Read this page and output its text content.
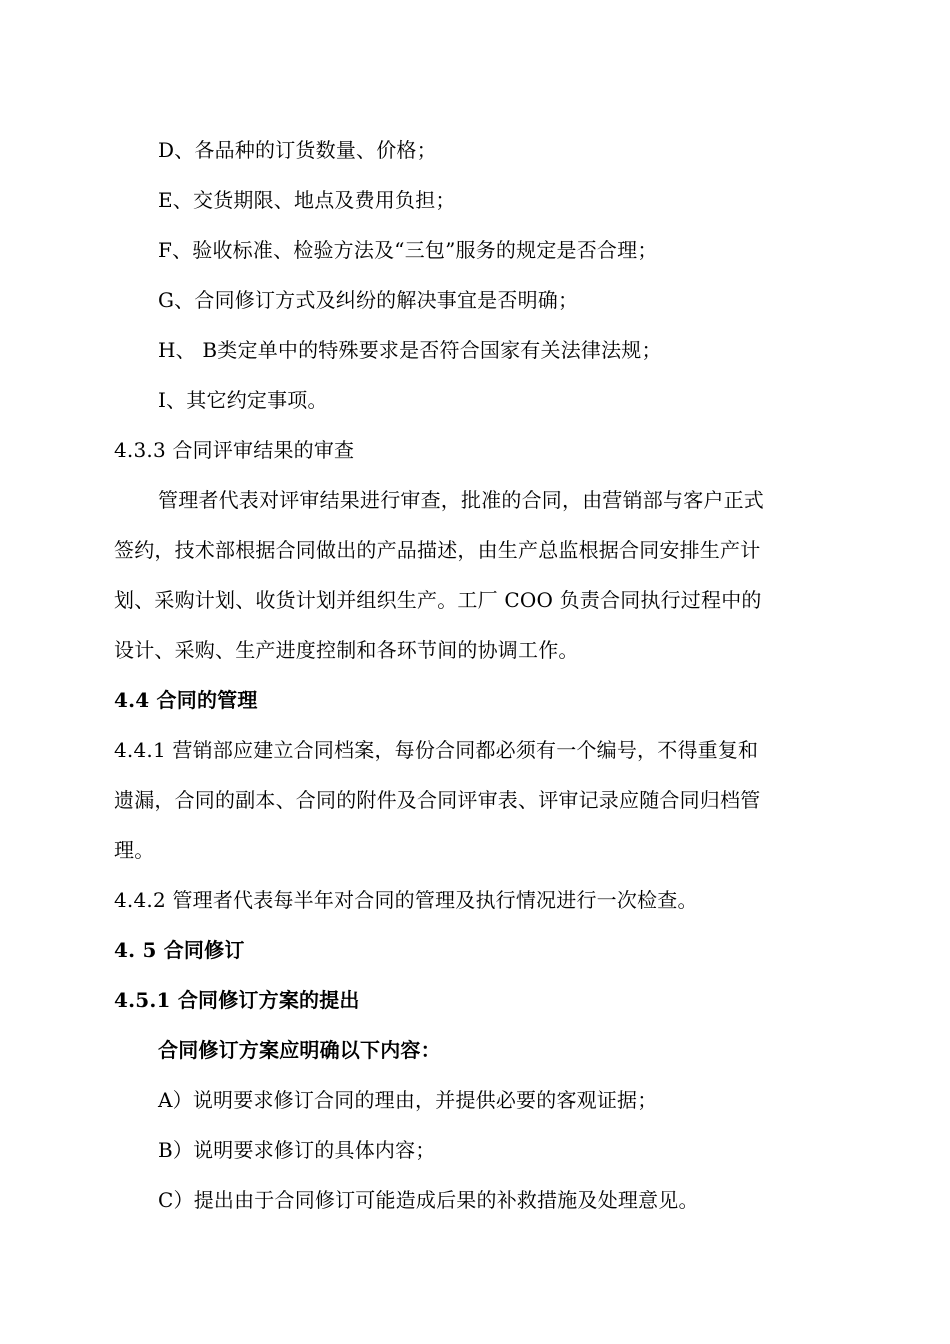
D、各品种的订货数量、价格；
E、交货期限、地点及费用负担；
F、验收标准、检验方法及“三包”服务的规定是否合理；
G、合同修订方式及纠纷的解决事宜是否明确；
H、 B类定单中的特殊要求是否符合国家有关法律法规；
I、其它约定事项。
4.3.3 合同评审结果的审查
管理者代表对评审结果进行审查，批准的合同，由营销部与客户正式
签约，技术部根据合同做出的产品描述，由生产总监根据合同安排生产计
划、采购计划、收货计划并组织生产。工厂 COO 负责合同执行过程中的
设计、采购、生产进度控制和各环节间的协调工作。
4.4 合同的管理
4.4.1 营销部应建立合同档案，每份合同都必须有一个编号，不得重复和
遗漏，合同的副本、合同的附件及合同评审表、评审记录应随合同归档管
理。
4.4.2 管理者代表每半年对合同的管理及执行情况进行一次检查。
4. 5 合同修订
4.5.1 合同修订方案的提出
合同修订方案应明确以下内容：
A）说明要求修订合同的理由，并提供必要的客观证据；
B）说明要求修订的具体内容；
C）提出由于合同修订可能造成后果的补救措施及处理意见。
